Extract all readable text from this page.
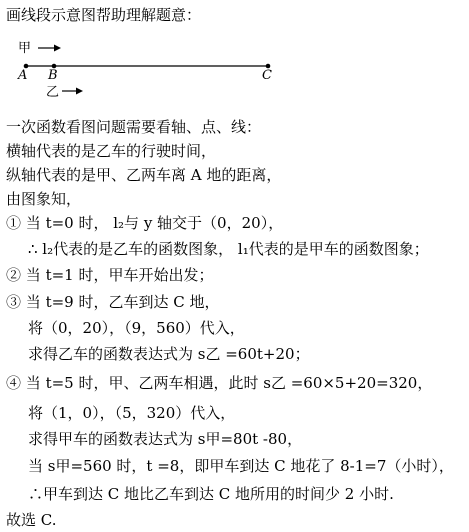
画线段示意图帮助理解题意：
甲
A B	C
乙
一次函数看图问题需要看轴、点、线：
横轴代表的是乙车的行驶时间，
纵轴代表的是甲、乙两车离 A 地的距离，
由图象知，
① 当 t=0 时， l₂与 y 轴交于（0，20），
∴ l₂代表的是乙车的函数图象， l₁代表的是甲车的函数图象；
② 当 t=1 时，甲车开始出发；
③ 当 t=9 时，乙车到达 C 地，
将（0，20），（9，560）代入，
求得乙车的函数表达式为 s乙 =60t+20；
④ 当 t=5 时，甲、乙两车相遇，此时 s乙 =60×5+20=320，
将（1，0），（5，320）代入，
求得甲车的函数表达式为 s甲=80t -80，
当 s甲=560 时，t =8，即甲车到达 C 地花了 8-1=7（小时），
∴甲车到达 C 地比乙车到达 C 地所用的时间少 2 小时.
故选 C.
